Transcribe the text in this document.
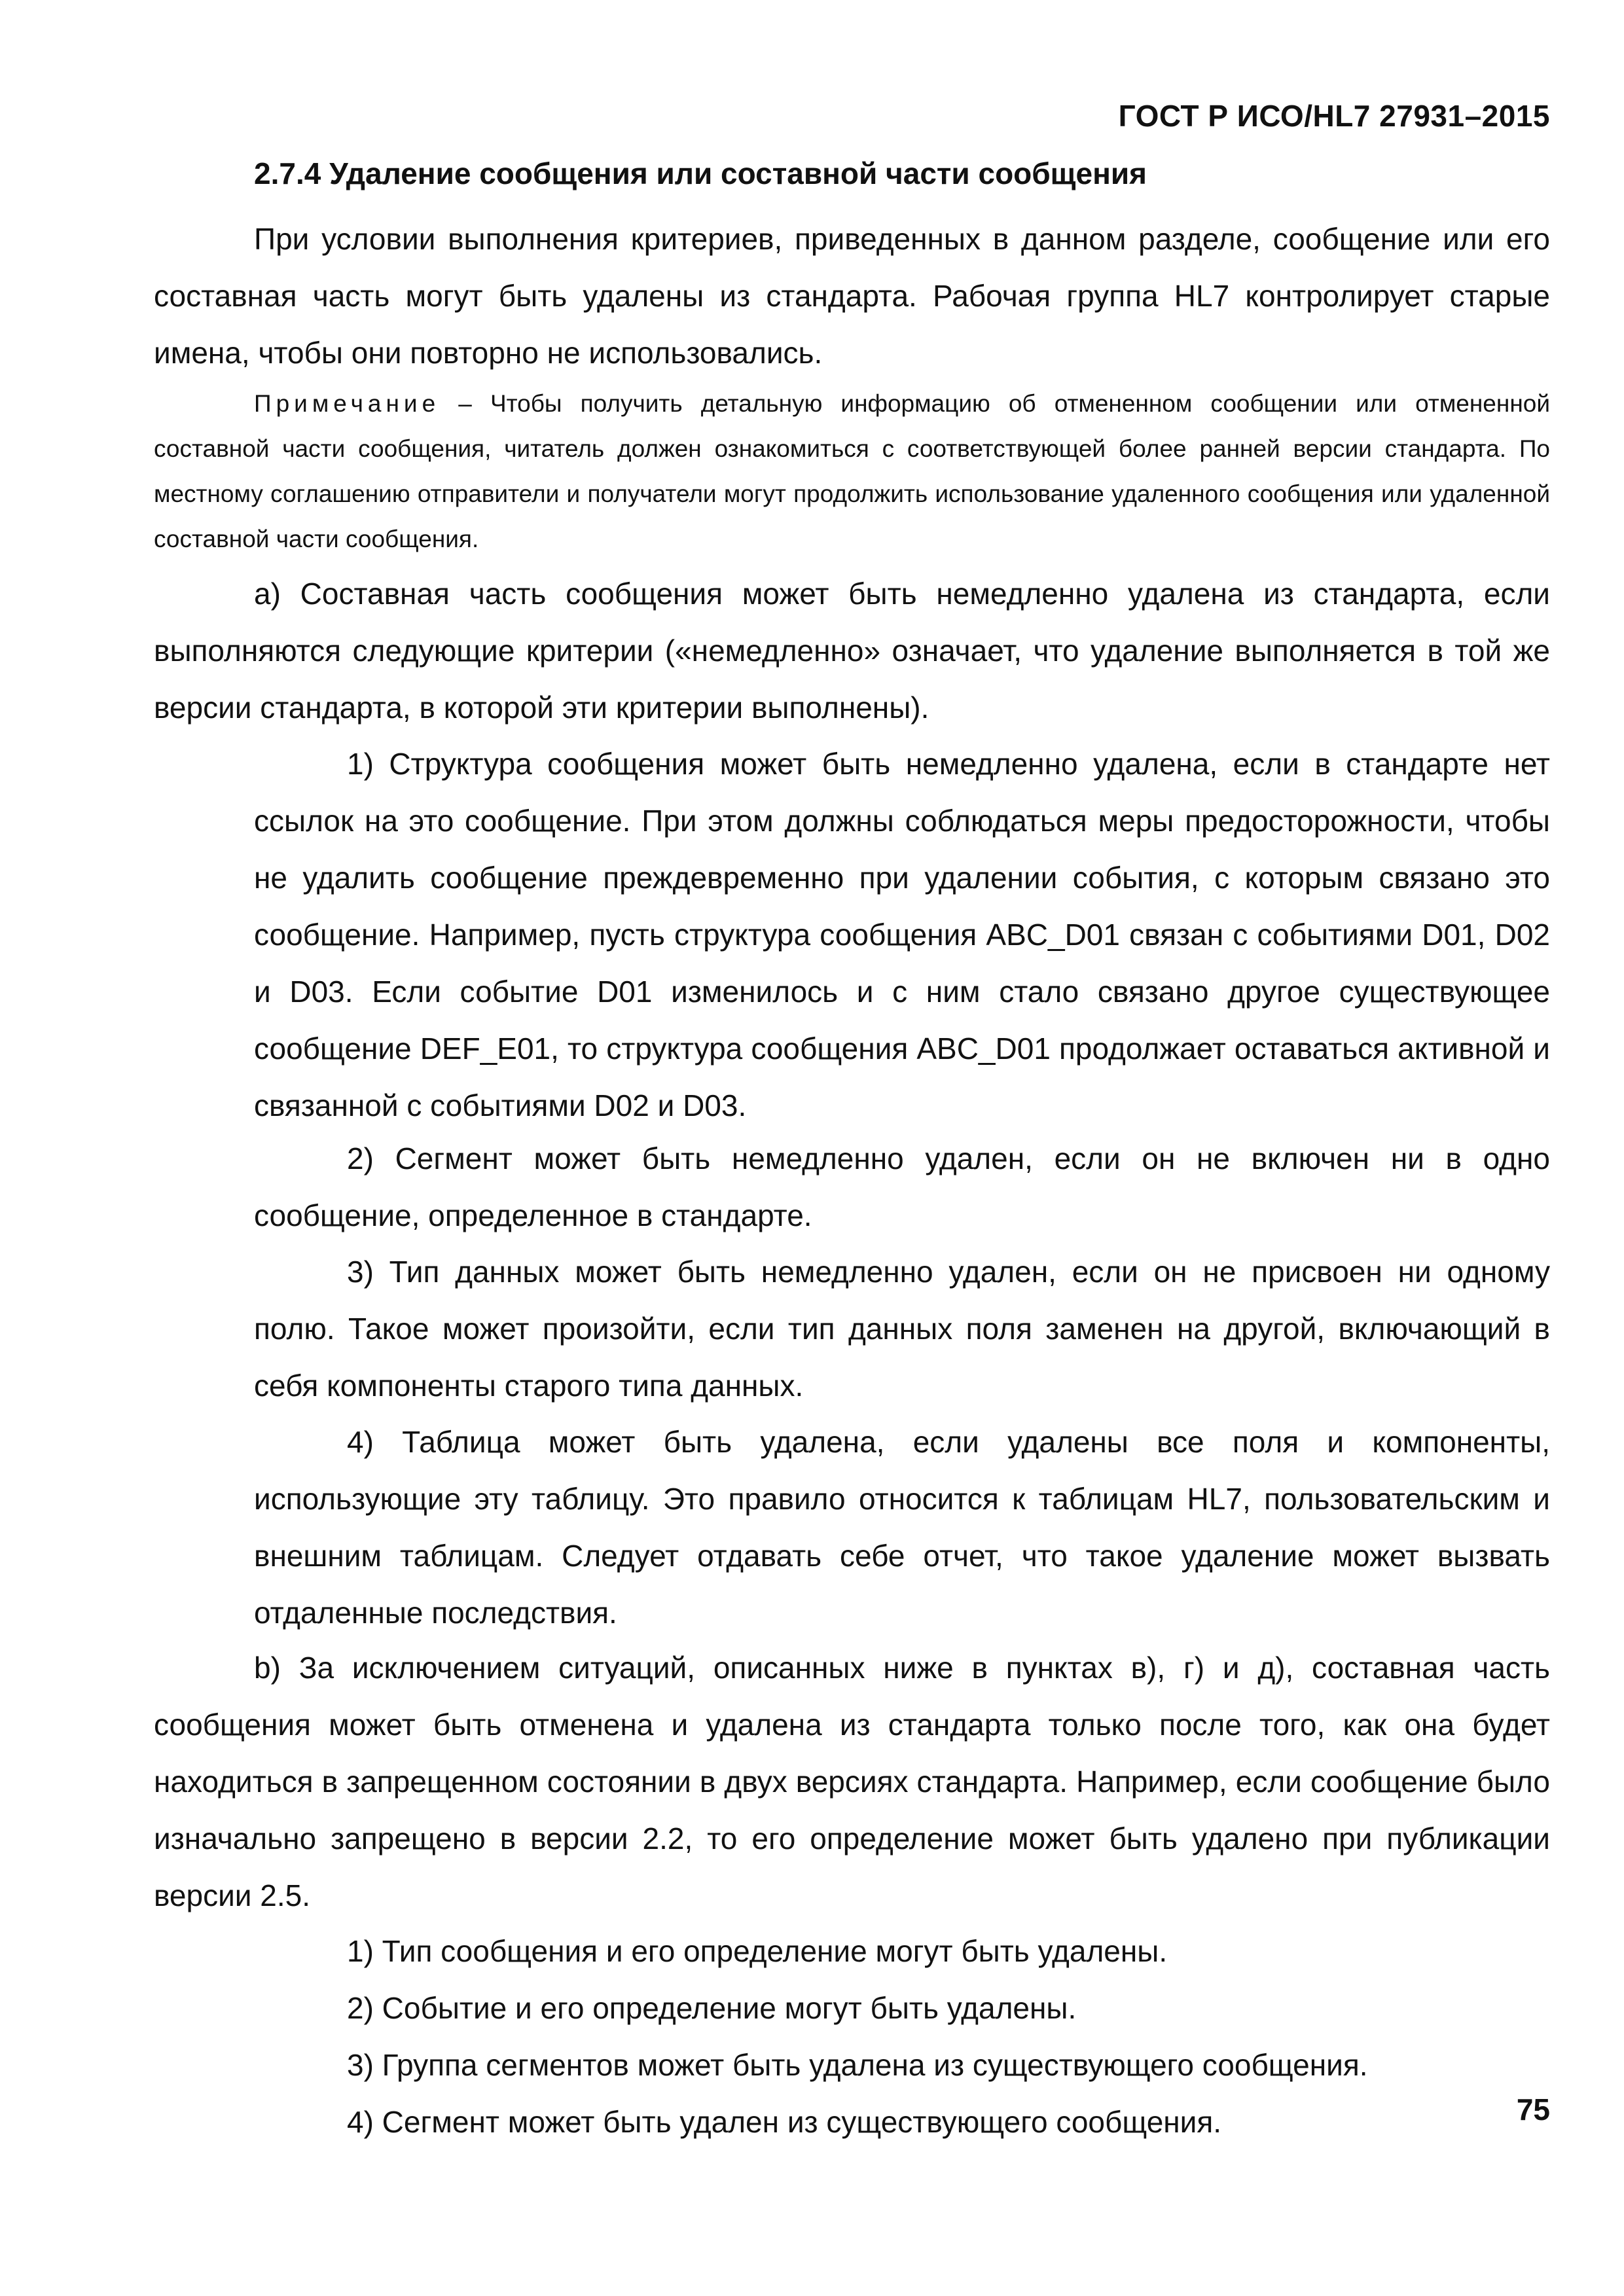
ГОСТ Р ИСО/HL7 27931–2015
2.7.4 Удаление сообщения или составной части сообщения

При условии выполнения критериев, приведенных в данном разделе, сообщение или его составная часть могут быть удалены из стандарта. Рабочая группа HL7 контролирует старые имена, чтобы они повторно не использовались.

Примечание – Чтобы получить детальную информацию об отмененном сообщении или отмененной составной части сообщения, читатель должен ознакомиться с соответствующей более ранней версии стандарта. По местному соглашению отправители и получатели могут продолжить использование удаленного сообщения или удаленной составной части сообщения.

а) Составная часть сообщения может быть немедленно удалена из стандарта, если выполняются следующие критерии («немедленно» означает, что удаление выполняется в той же версии стандарта, в которой эти критерии выполнены).

1) Структура сообщения может быть немедленно удалена, если в стандарте нет ссылок на это сообщение. При этом должны соблюдаться меры предосторожности, чтобы не удалить сообщение преждевременно при удалении события, с которым связано это сообщение. Например, пусть структура сообщения ABC_D01 связан с событиями D01, D02 и D03. Если событие D01 изменилось и с ним стало связано другое существующее сообщение DEF_E01, то структура сообщения ABC_D01 продолжает оставаться активной и связанной с событиями D02 и D03.

2) Сегмент может быть немедленно удален, если он не включен ни в одно сообщение, определенное в стандарте.

3) Тип данных может быть немедленно удален, если он не присвоен ни одному полю. Такое может произойти, если тип данных поля заменен на другой, включающий в себя компоненты старого типа данных.

4) Таблица может быть удалена, если удалены все поля и компоненты, использующие эту таблицу. Это правило относится к таблицам HL7, пользовательским и внешним таблицам. Следует отдавать себе отчет, что такое удаление может вызвать отдаленные последствия.

b) За исключением ситуаций, описанных ниже в пунктах в), г) и д), составная часть сообщения может быть отменена и удалена из стандарта только после того, как она будет находиться в запрещенном состоянии в двух версиях стандарта. Например, если сообщение было изначально запрещено в версии 2.2, то его определение может быть удалено при публикации версии 2.5.

1) Тип сообщения и его определение могут быть удалены.

2) Событие и его определение могут быть удалены.

3) Группа сегментов может быть удалена из существующего сообщения.

4) Сегмент может быть удален из существующего сообщения.	75
